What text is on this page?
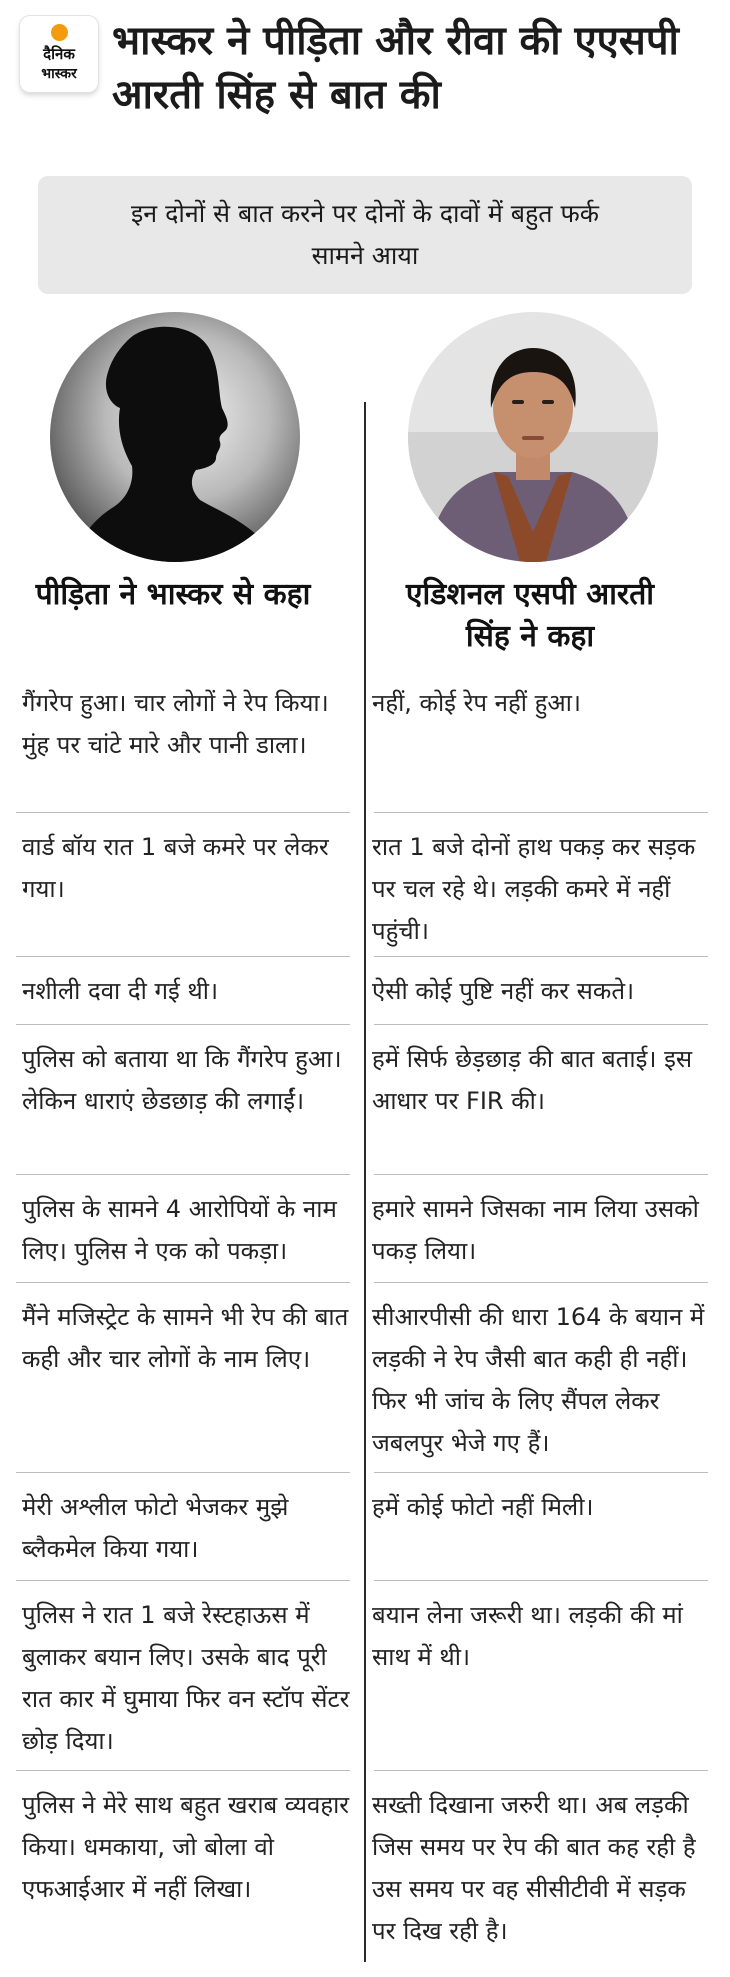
दैनिक
भास्कर
भास्कर ने पीड़िता और रीवा की एएसपी आरती सिंह से बात की
इन दोनों से बात करने पर दोनों के दावों में बहुत फर्क सामने आया
पीड़िता ने भास्कर से कहा	एडिशनल एसपी आरती सिंह ने कहा

गैंगरेप हुआ। चार लोगों ने रेप किया। मुंह पर चांटे मारे और पानी डाला।

नहीं, कोई रेप नहीं हुआ।

वार्ड बॉय रात 1 बजे कमरे पर लेकर गया।

रात 1 बजे दोनों हाथ पकड़ कर सड़क पर चल रहे थे। लड़की कमरे में नहीं पहुंची।

नशीली दवा दी गई थी।	ऐसी कोई पुष्टि नहीं कर सकते।

पुलिस को बताया था कि गैंगरेप हुआ। लेकिन धाराएं छेडछाड़ की लगाईं।

हमें सिर्फ छेड़छाड़ की बात बताई। इस आधार पर FIR की।

पुलिस के सामने 4 आरोपियों के नाम लिए। पुलिस ने एक को पकड़ा।

हमारे सामने जिसका नाम लिया उसको पकड़ लिया।

मैंने मजिस्ट्रेट के सामने भी रेप की बात कही और चार लोगों के नाम लिए।

सीआरपीसी की धारा 164 के बयान में लड़की ने रेप जैसी बात कही ही नहीं। फिर भी जांच के लिए सैंपल लेकर जबलपुर भेजे गए हैं।

मेरी अश्लील फोटो भेजकर मुझे ब्लैकमेल किया गया।

हमें कोई फोटो नहीं मिली।

पुलिस ने रात 1 बजे रेस्टहाऊस में बुलाकर बयान लिए। उसके बाद पूरी रात कार में घुमाया फिर वन स्टॉप सेंटर छोड़ दिया।

बयान लेना जरूरी था। लड़की की मां साथ में थी।

पुलिस ने मेरे साथ बहुत खराब व्यवहार किया। धमकाया, जो बोला वो एफआईआर में नहीं लिखा।

सख्ती दिखाना जरुरी था। अब लड़की जिस समय पर रेप की बात कह रही है उस समय पर वह सीसीटीवी में सड़क पर दिख रही है।
